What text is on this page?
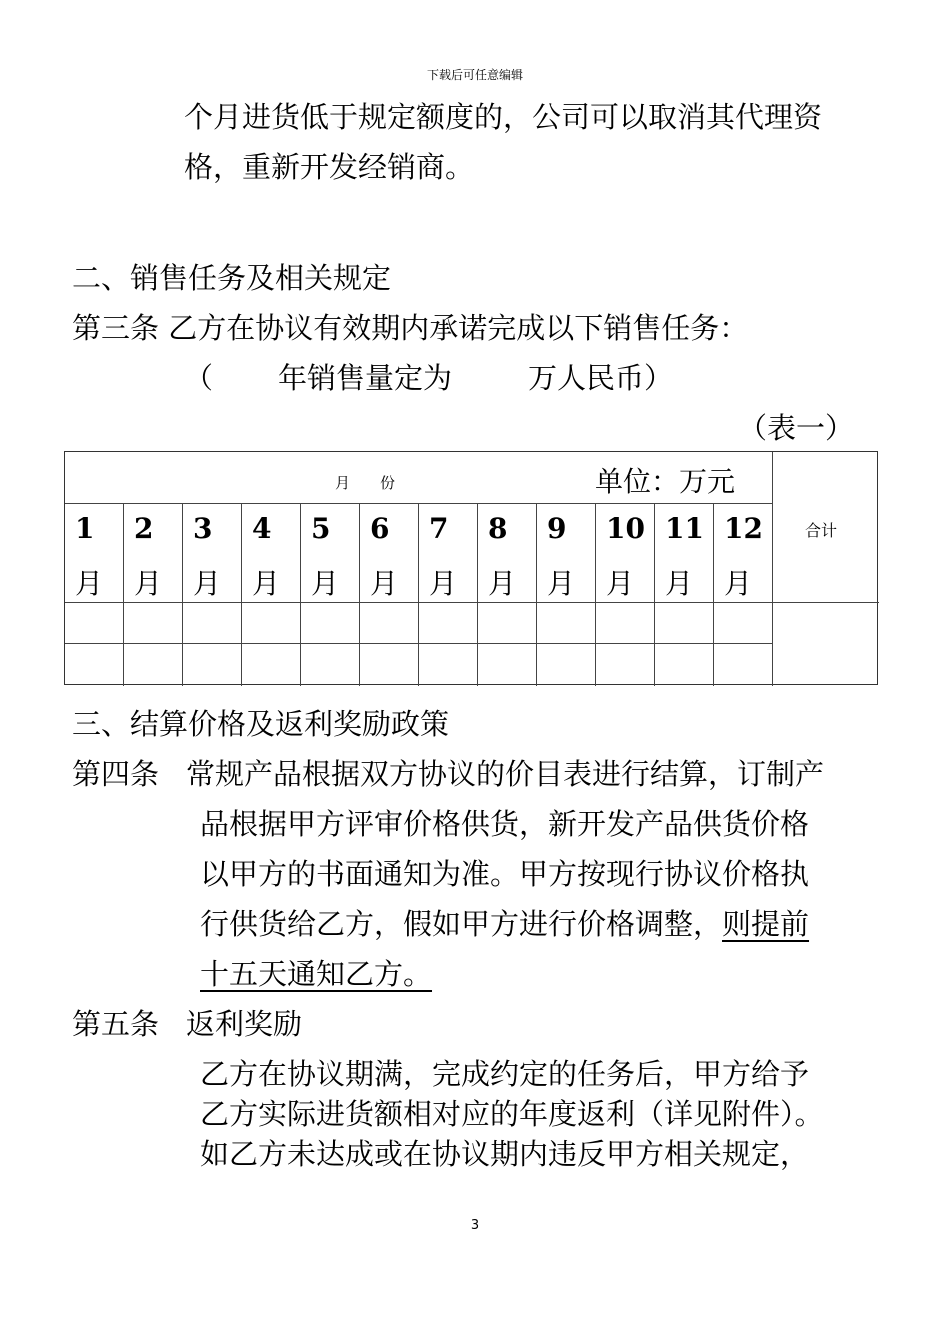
下载后可任意编辑
个月进货低于规定额度的，公司可以取消其代理资
格，重新开发经销商。
二、销售任务及相关规定
第三条 乙方在协议有效期内承诺完成以下销售任务：
（ 年销售量定为	万人民币）
（表一）
月　　份	单位：万元
合计
1
月
2
月
3
月
4
月
5
月
6
月
7
月
8
月
9
月
10
月
11
月
12
月
三、结算价格及返利奖励政策
第四条 常规产品根据双方协议的价目表进行结算，订制产
品根据甲方评审价格供货，新开发产品供货价格
以甲方的书面通知为准。甲方按现行协议价格执
行供货给乙方，假如甲方进行价格调整，则提前
十五天通知乙方。
第五条 返利奖励
乙方在协议期满，完成约定的任务后，甲方给予
乙方实际进货额相对应的年度返利（详见附件）。
如乙方未达成或在协议期内违反甲方相关规定，
3
